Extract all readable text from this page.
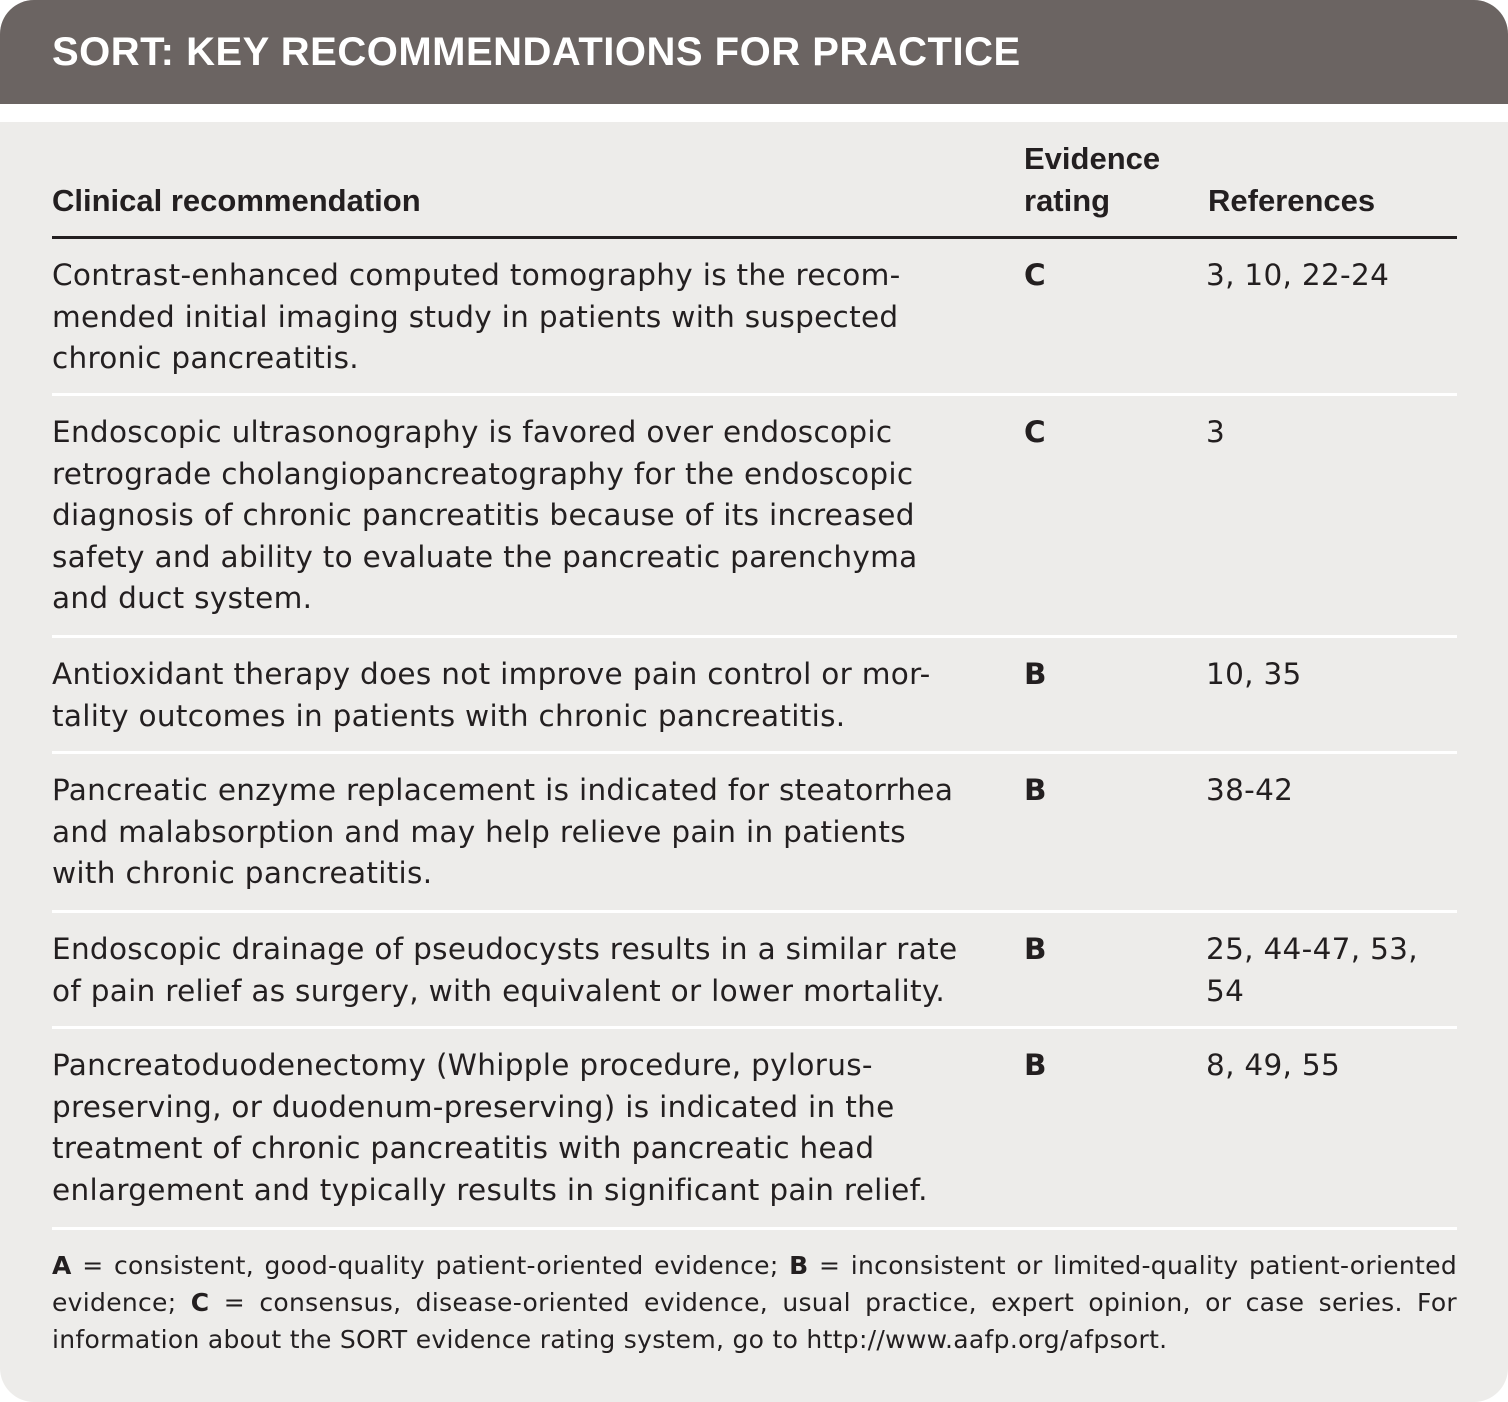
SORT: KEY RECOMMENDATIONS FOR PRACTICE
Clinical recommendation
Evidence
rating	References
Contrast-enhanced computed tomography is the recom-
mended initial imaging study in patients with suspected
chronic pancreatitis.
C	3, 10, 22-24
Endoscopic ultrasonography is favored over endoscopic
retrograde cholangiopancreatography for the endoscopic
diagnosis of chronic pancreatitis because of its increased
safety and ability to evaluate the pancreatic parenchyma
and duct system.
C	3
Antioxidant therapy does not improve pain control or mor-
tality outcomes in patients with chronic pancreatitis.
B	10, 35
Pancreatic enzyme replacement is indicated for steatorrhea
and malabsorption and may help relieve pain in patients
with chronic pancreatitis.
B	38-42
Endoscopic drainage of pseudocysts results in a similar rate
of pain relief as surgery, with equivalent or lower mortality.
B	25, 44-47, 53,
54
Pancreatoduodenectomy (Whipple procedure, pylorus-
preserving, or duodenum-preserving) is indicated in the
treatment of chronic pancreatitis with pancreatic head
enlargement and typically results in significant pain relief.
B	8, 49, 55
A = consistent, good-quality patient-oriented evidence; B = inconsistent or limited-quality patient-oriented evidence; C = consensus, disease-oriented evidence, usual practice, expert opinion, or case series. For information about the SORT evidence rating system, go to http://www.aafp.org/afpsort.
